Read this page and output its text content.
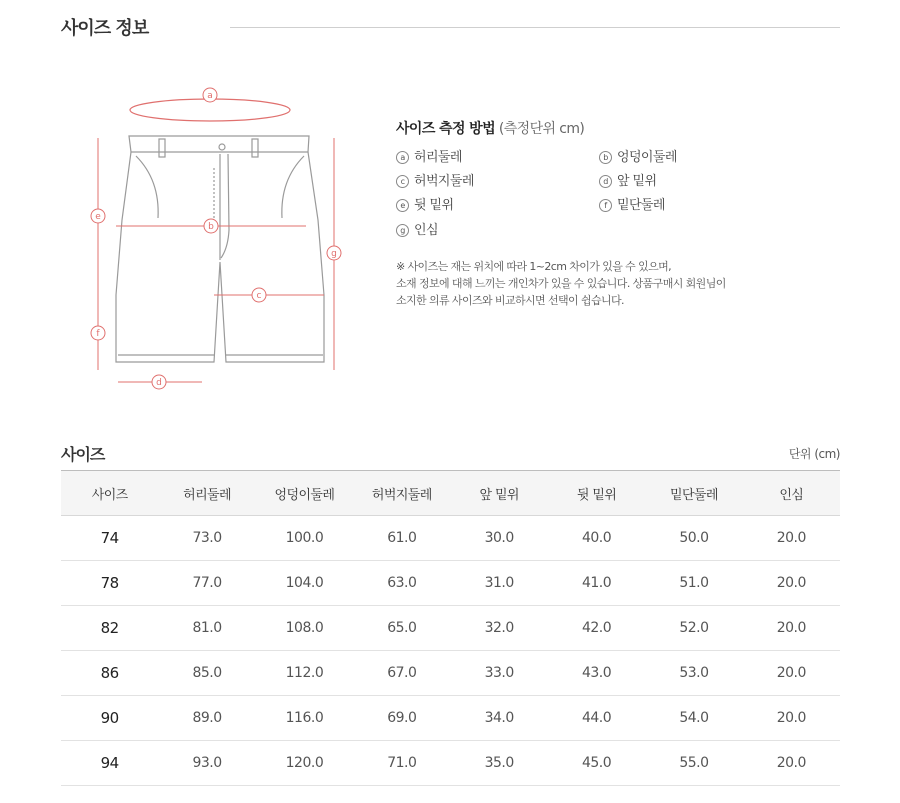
사이즈 정보
a
b
c
d
e
f
g
사이즈 측정 방법 (측정단위 cm)
a 허리둘레	b 엉덩이둘레
c 허벅지둘레	d 앞 밑위
e 뒷 밑위	f 밑단둘레
g 인심
※ 사이즈는 재는 위치에 따라 1~2cm 차이가 있을 수 있으며,
소재 정보에 대해 느끼는 개인차가 있을 수 있습니다. 상품구매시 회원님이
소지한 의류 사이즈와 비교하시면 선택이 쉽습니다.
사이즈	단위 (cm)
사이즈	허리둘레	엉덩이둘레	허벅지둘레	앞 밑위	뒷 밑위	밑단둘레	인심
74	73.0	100.0	61.0	30.0	40.0	50.0	20.0
78	77.0	104.0	63.0	31.0	41.0	51.0	20.0
82	81.0	108.0	65.0	32.0	42.0	52.0	20.0
86	85.0	112.0	67.0	33.0	43.0	53.0	20.0
90	89.0	116.0	69.0	34.0	44.0	54.0	20.0
94	93.0	120.0	71.0	35.0	45.0	55.0	20.0
